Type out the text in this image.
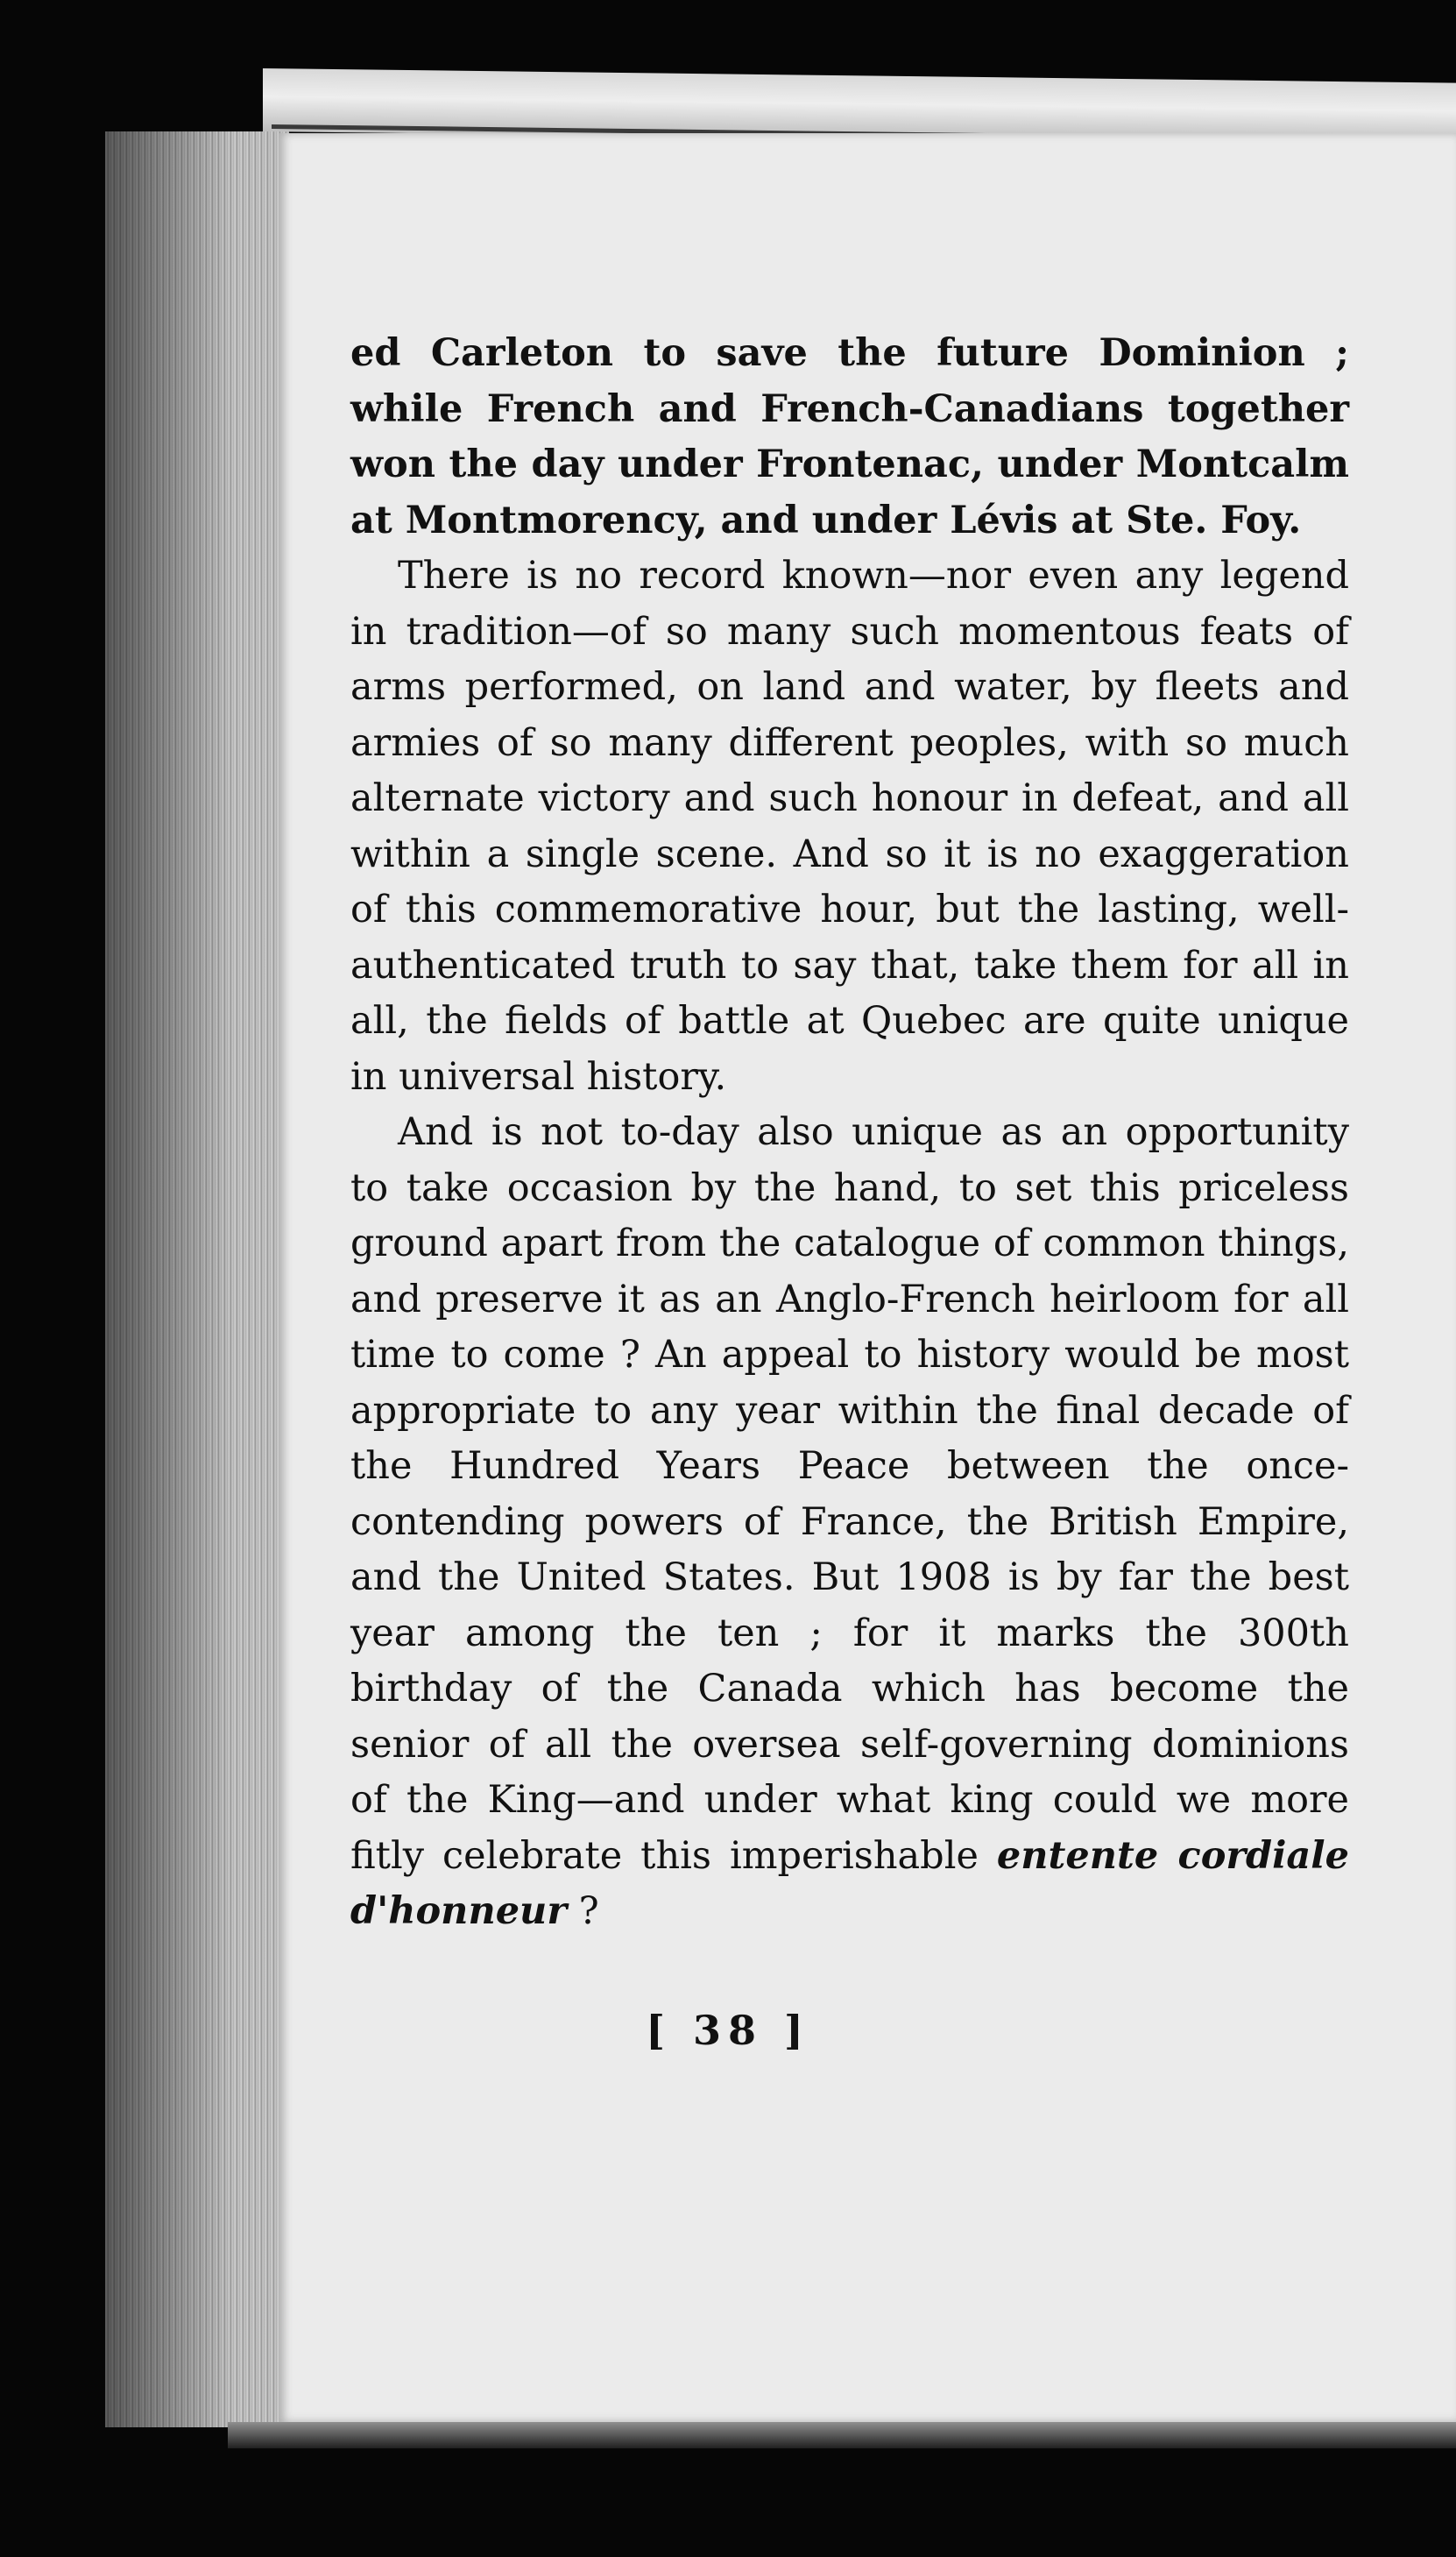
ed Carleton to save the future Dominion ; while French and French-Canadians together won the day under Frontenac, under Montcalm at Montmorency, and under Lévis at Ste. Foy.

There is no record known—nor even any legend in tradition—of so many such momentous feats of arms performed, on land and water, by fleets and armies of so many different peoples, with so much alternate victory and such honour in defeat, and all within a single scene. And so it is no exaggeration of this commemorative hour, but the lasting, well-authenticated truth to say that, take them for all in all, the fields of battle at Quebec are quite unique in universal history.

And is not to-day also unique as an opportunity to take occasion by the hand, to set this priceless ground apart from the catalogue of common things, and preserve it as an Anglo-French heirloom for all time to come ? An appeal to history would be most appropriate to any year within the final decade of the Hundred Years Peace between the once-contending powers of France, the British Empire, and the United States. But 1908 is by far the best year among the ten ; for it marks the 300th birthday of the Canada which has become the senior of all the oversea self-governing dominions of the King—and under what king could we more fitly celebrate this imperishable entente cordiale d'honneur ?

[ 38 ]
